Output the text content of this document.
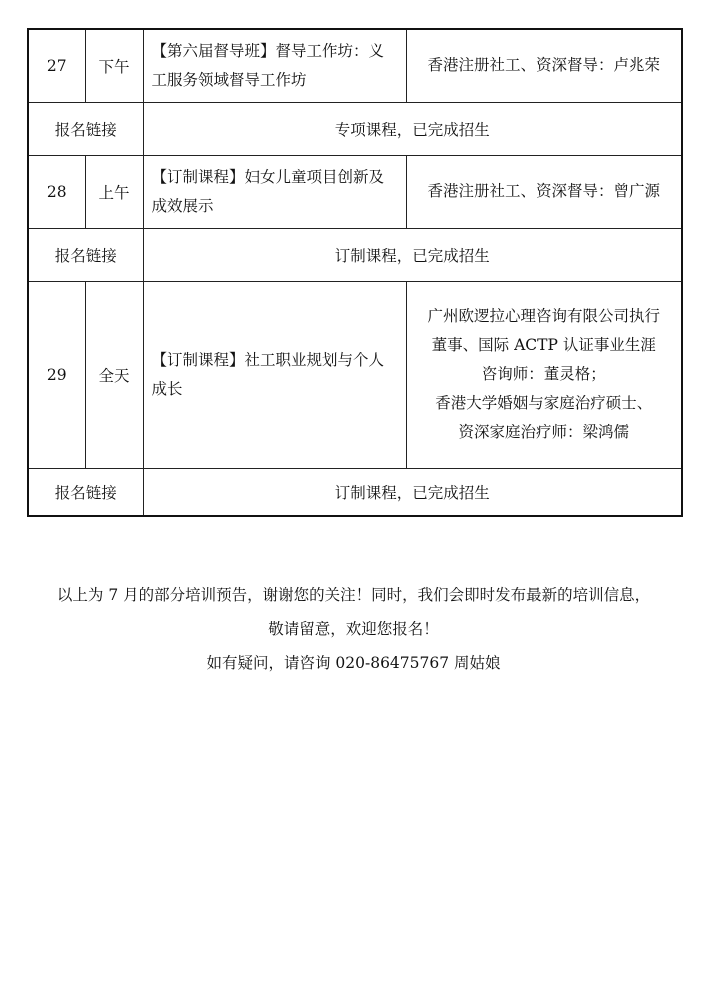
27	下午	【第六届督导班】督导工作坊：义工服务领域督导工作坊	香港注册社工、资深督导：卢兆荣

报名链接		专项课程，已完成招生	
28	上午	【订制课程】妇女儿童项目创新及成效展示	香港注册社工、资深督导：曾广源

报名链接		订制课程，已完成招生	
29	全天	【订制课程】社工职业规划与个人成长	广州欧逻拉心理咨询有限公司执行
董事、国际 ACTP 认证事业生涯
咨询师：董灵格；
香港大学婚姻与家庭治疗硕士、
资深家庭治疗师：梁鸿儒

报名链接		订制课程，已完成招生	

以上为 7 月的部分培训预告，谢谢您的关注！同时，我们会即时发布最新的培训信息，

敬请留意，欢迎您报名！

如有疑问，请咨询 020-86475767 周姑娘
